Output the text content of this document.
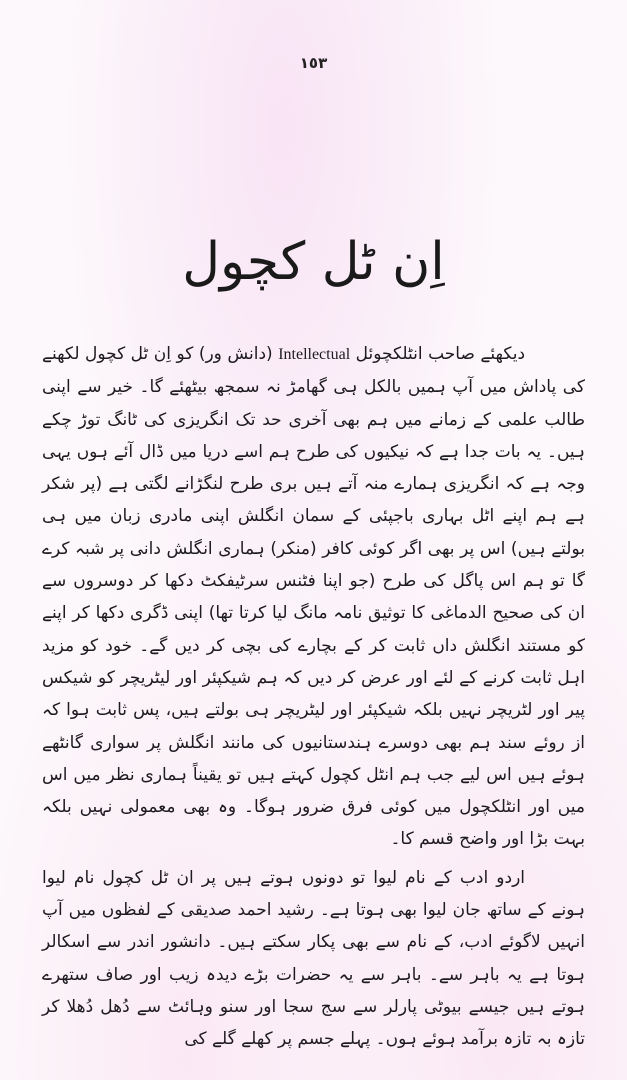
١٥٣
اِن ٹل کچول

دیکھئے صاحب انٹلکچوئل Intellectual (دانش ور) کو اِن ٹل کچول لکھنے کی پاداش میں آپ ہمیں بالکل ہی گھامڑ نہ سمجھ بیٹھئے گا۔ خیر سے اپنی طالب علمی کے زمانے میں ہم بھی آخری حد تک انگریزی کی ٹانگ توڑ چکے ہیں۔ یہ بات جدا ہے کہ نیکیوں کی طرح ہم اسے دریا میں ڈال آئے ہوں یہی وجہ ہے کہ انگریزی ہمارے منہ آتے ہیں بری طرح لنگڑانے لگتی ہے (پر شکر ہے ہم اپنے اٹل بہاری باجپئی کے سمان انگلش اپنی مادری زبان میں ہی بولتے ہیں) اس پر بھی اگر کوئی کافر (منکر) ہماری انگلش دانی پر شبہ کرے گا تو ہم اس پاگل کی طرح (جو اپنا فٹنس سرٹیفکٹ دکھا کر دوسروں سے ان کی صحیح الدماغی کا توثیق نامہ مانگ لیا کرتا تھا) اپنی ڈگری دکھا کر اپنے کو مستند انگلش داں ثابت کر کے بچارے کی بچی کر دیں گے۔ خود کو مزید اہل ثابت کرنے کے لئے اور عرض کر دیں کہ ہم شیکپئر اور لیٹریچر کو شیکس پیر اور لٹریچر نہیں بلکہ شیکپئر اور لیٹریچر ہی بولتے ہیں، پس ثابت ہوا کہ از روئے سند ہم بھی دوسرے ہندستانیوں کی مانند انگلش پر سواری گانٹھے ہوئے ہیں اس لیے جب ہم انٹل کچول کہتے ہیں تو یقیناً ہماری نظر میں اس میں اور انٹلکچول میں کوئی فرق ضرور ہوگا۔ وہ بھی معمولی نہیں بلکہ بہت بڑا اور واضح قسم کا۔

اردو ادب کے نام لیوا تو دونوں ہوتے ہیں پر ان ٹل کچول نام لیوا ہونے کے ساتھ جان لیوا بھی ہوتا ہے۔ رشید احمد صدیقی کے لفظوں میں آپ انہیں لاگوئے ادب، کے نام سے بھی پکار سکتے ہیں۔ دانشور اندر سے اسکالر ہوتا ہے یہ باہر سے۔ باہر سے یہ حضرات بڑے دیدہ زیب اور صاف ستھرے ہوتے ہیں جیسے بیوٹی پارلر سے سج سجا اور سنو وہائٹ سے دُھل دُھلا کر تازہ بہ تازہ برآمد ہوئے ہوں۔ پہلے جسم پر کھلے گلے کی
